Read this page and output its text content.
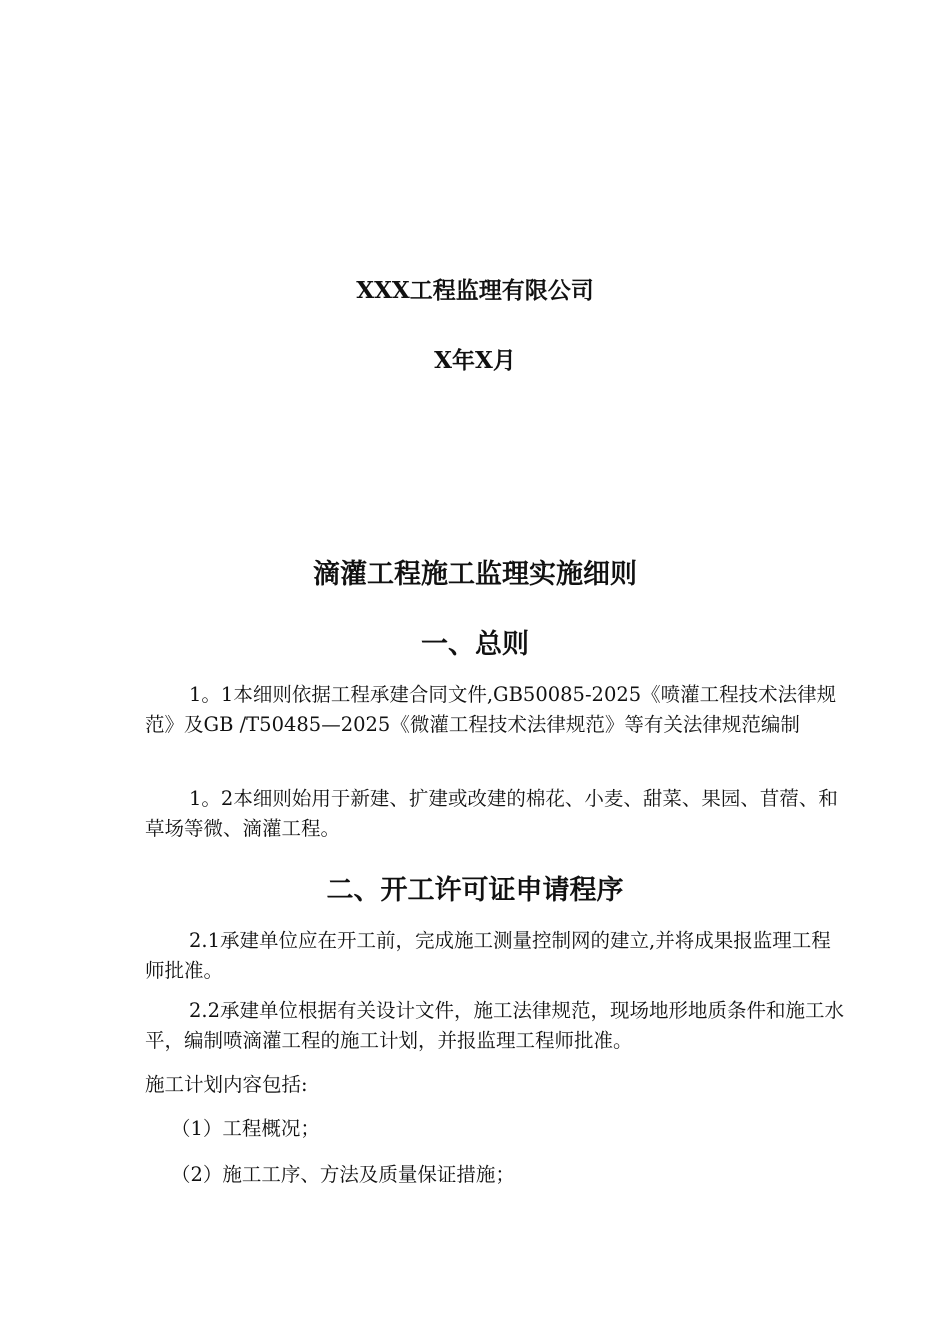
XXX工程监理有限公司
X年X月
滴灌工程施工监理实施细则
一、总则

1。1本细则依据工程承建合同文件,GB50085-2025《喷灌工程技术法律规范》及GB /T50485—2025《微灌工程技术法律规范》等有关法律规范编制

1。2本细则始用于新建、扩建或改建的棉花、小麦、甜菜、果园、苜蓿、和草场等微、滴灌工程。

二、开工许可证申请程序

2.1承建单位应在开工前，完成施工测量控制网的建立,并将成果报监理工程师批准。

2.2承建单位根据有关设计文件，施工法律规范，现场地形地质条件和施工水平，编制喷滴灌工程的施工计划，并报监理工程师批准。

施工计划内容包括:

（1）工程概况；
（2）施工工序、方法及质量保证措施；
